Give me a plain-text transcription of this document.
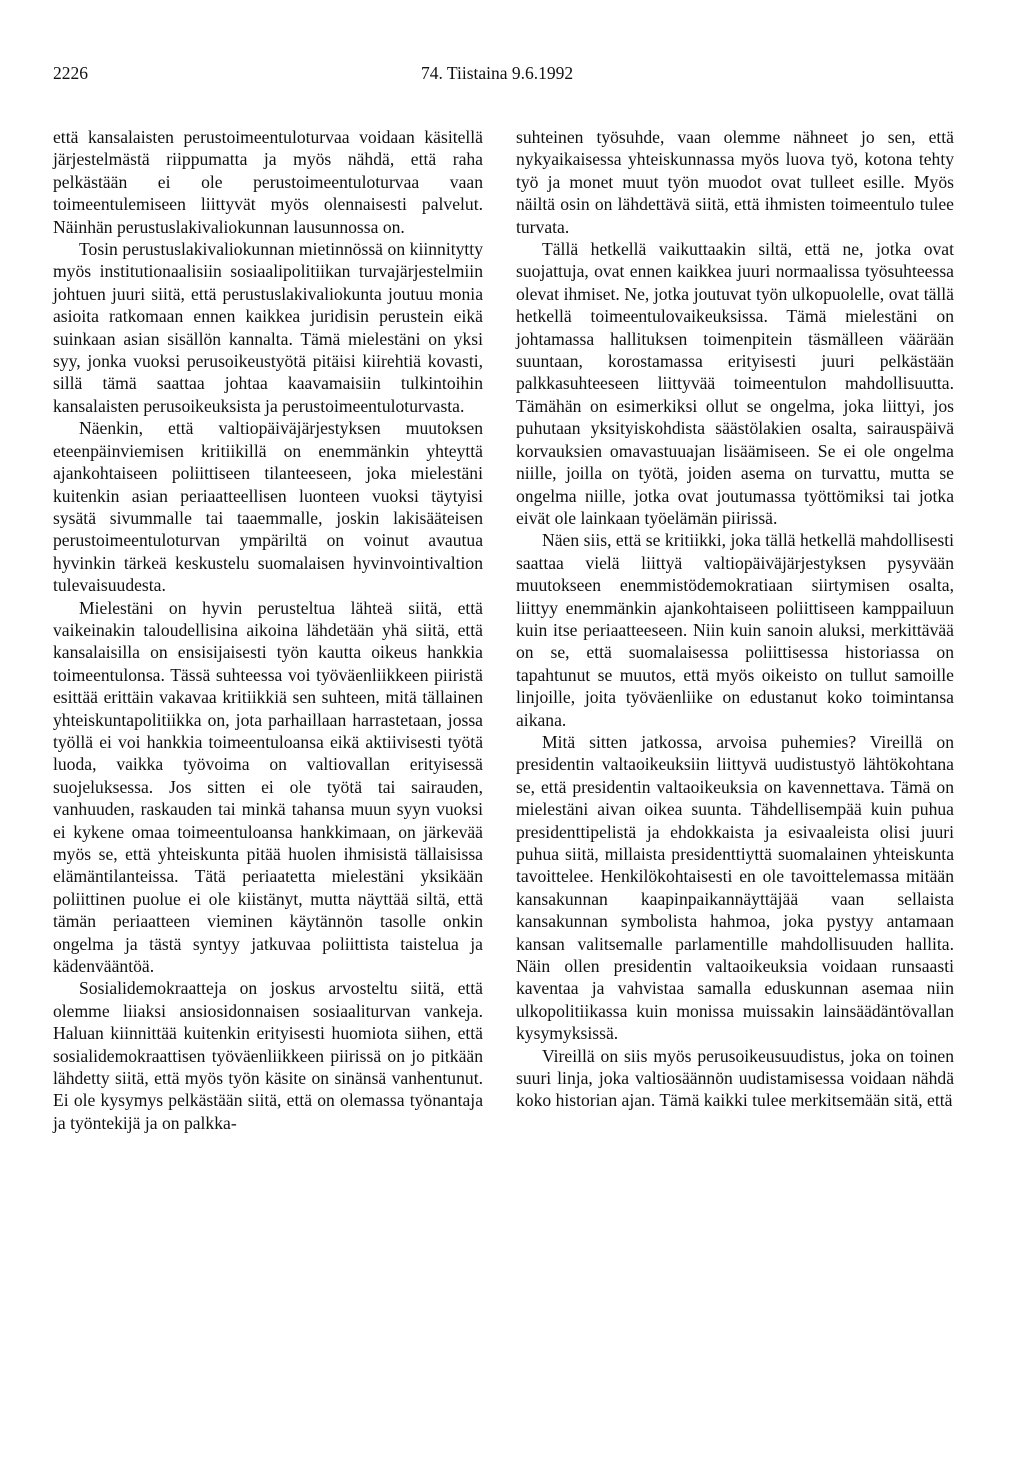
2226	74. Tiistaina 9.6.1992

että kansalaisten perustoimeentuloturvaa voidaan käsitellä järjestelmästä riippumatta ja myös nähdä, että raha pelkästään ei ole perustoimeentuloturvaa vaan toimeentulemiseen liittyvät myös olennaisesti palvelut. Näinhän perustuslakivaliokunnan lausunnossa on.

Tosin perustuslakivaliokunnan mietinnössä on kiinnitytty myös institutionaalisiin sosiaalipolitiikan turvajärjestelmiin johtuen juuri siitä, että perustuslakivaliokunta joutuu monia asioita ratkomaan ennen kaikkea juridisin perustein eikä suinkaan asian sisällön kannalta. Tämä mielestäni on yksi syy, jonka vuoksi perusoikeustyötä pitäisi kiirehtiä kovasti, sillä tämä saattaa johtaa kaavamaisiin tulkintoihin kansalaisten perusoikeuksista ja perustoimeentuloturvasta.

Näenkin, että valtiopäiväjärjestyksen muutoksen eteenpäinviemisen kritiikillä on enemmänkin yhteyttä ajankohtaiseen poliittiseen tilanteeseen, joka mielestäni kuitenkin asian periaatteellisen luonteen vuoksi täytyisi sysätä sivummalle tai taaemmalle, joskin lakisääteisen perustoimeentuloturvan ympäriltä on voinut avautua hyvinkin tärkeä keskustelu suomalaisen hyvinvointivaltion tulevaisuudesta.

Mielestäni on hyvin perusteltua lähteä siitä, että vaikeinakin taloudellisina aikoina lähdetään yhä siitä, että kansalaisilla on ensisijaisesti työn kautta oikeus hankkia toimeentulonsa. Tässä suhteessa voi työväenliikkeen piiristä esittää erittäin vakavaa kritiikkiä sen suhteen, mitä tällainen yhteiskuntapolitiikka on, jota parhaillaan harrastetaan, jossa työllä ei voi hankkia toimeentuloansa eikä aktiivisesti työtä luoda, vaikka työvoima on valtiovallan erityisessä suojeluksessa. Jos sitten ei ole työtä tai sairauden, vanhuuden, raskauden tai minkä tahansa muun syyn vuoksi ei kykene omaa toimeentuloansa hankkimaan, on järkevää myös se, että yhteiskunta pitää huolen ihmisistä tällaisissa elämäntilanteissa. Tätä periaatetta mielestäni yksikään poliittinen puolue ei ole kiistänyt, mutta näyttää siltä, että tämän periaatteen vieminen käytännön tasolle onkin ongelma ja tästä syntyy jatkuvaa poliittista taistelua ja kädenvääntöä.

Sosialidemokraatteja on joskus arvosteltu siitä, että olemme liiaksi ansiosidonnaisen sosiaaliturvan vankeja. Haluan kiinnittää kuitenkin erityisesti huomiota siihen, että sosialidemokraattisen työväenliikkeen piirissä on jo pitkään lähdetty siitä, että myös työn käsite on sinänsä vanhentunut. Ei ole kysymys pelkästään siitä, että on olemassa työnantaja ja työntekijä ja on palkka-

suhteinen työsuhde, vaan olemme nähneet jo sen, että nykyaikaisessa yhteiskunnassa myös luova työ, kotona tehty työ ja monet muut työn muodot ovat tulleet esille. Myös näiltä osin on lähdettävä siitä, että ihmisten toimeentulo tulee turvata.

Tällä hetkellä vaikuttaakin siltä, että ne, jotka ovat suojattuja, ovat ennen kaikkea juuri normaalissa työsuhteessa olevat ihmiset. Ne, jotka joutuvat työn ulkopuolelle, ovat tällä hetkellä toimeentulovaikeuksissa. Tämä mielestäni on johtamassa hallituksen toimenpitein täsmälleen väärään suuntaan, korostamassa erityisesti juuri pelkästään palkkasuhteeseen liittyvää toimeentulon mahdollisuutta. Tämähän on esimerkiksi ollut se ongelma, joka liittyi, jos puhutaan yksityiskohdista säästölakien osalta, sairauspäivä korvauksien omavastuuajan lisäämiseen. Se ei ole ongelma niille, joilla on työtä, joiden asema on turvattu, mutta se ongelma niille, jotka ovat joutumassa työttömiksi tai jotka eivät ole lainkaan työelämän piirissä.

Näen siis, että se kritiikki, joka tällä hetkellä mahdollisesti saattaa vielä liittyä valtiopäiväjärjestyksen pysyvään muutokseen enemmistödemokratiaan siirtymisen osalta, liittyy enemmänkin ajankohtaiseen poliittiseen kamppailuun kuin itse periaatteeseen. Niin kuin sanoin aluksi, merkittävää on se, että suomalaisessa poliittisessa historiassa on tapahtunut se muutos, että myös oikeisto on tullut samoille linjoille, joita työväenliike on edustanut koko toimintansa aikana.

Mitä sitten jatkossa, arvoisa puhemies? Vireillä on presidentin valtaoikeuksiin liittyvä uudistustyö lähtökohtana se, että presidentin valtaoikeuksia on kavennettava. Tämä on mielestäni aivan oikea suunta. Tähdellisempää kuin puhua presidenttipelistä ja ehdokkaista ja esivaaleista olisi juuri puhua siitä, millaista presidenttiyttä suomalainen yhteiskunta tavoittelee. Henkilökohtaisesti en ole tavoittelemassa mitään kansakunnan kaapinpaikannäyttäjää vaan sellaista kansakunnan symbolista hahmoa, joka pystyy antamaan kansan valitsemalle parlamentille mahdollisuuden hallita. Näin ollen presidentin valtaoikeuksia voidaan runsaasti kaventaa ja vahvistaa samalla eduskunnan asemaa niin ulkopolitiikassa kuin monissa muissakin lainsäädäntövallan kysymyksissä.

Vireillä on siis myös perusoikeusuudistus, joka on toinen suuri linja, joka valtiosäännön uudistamisessa voidaan nähdä koko historian ajan. Tämä kaikki tulee merkitsemään sitä, että
